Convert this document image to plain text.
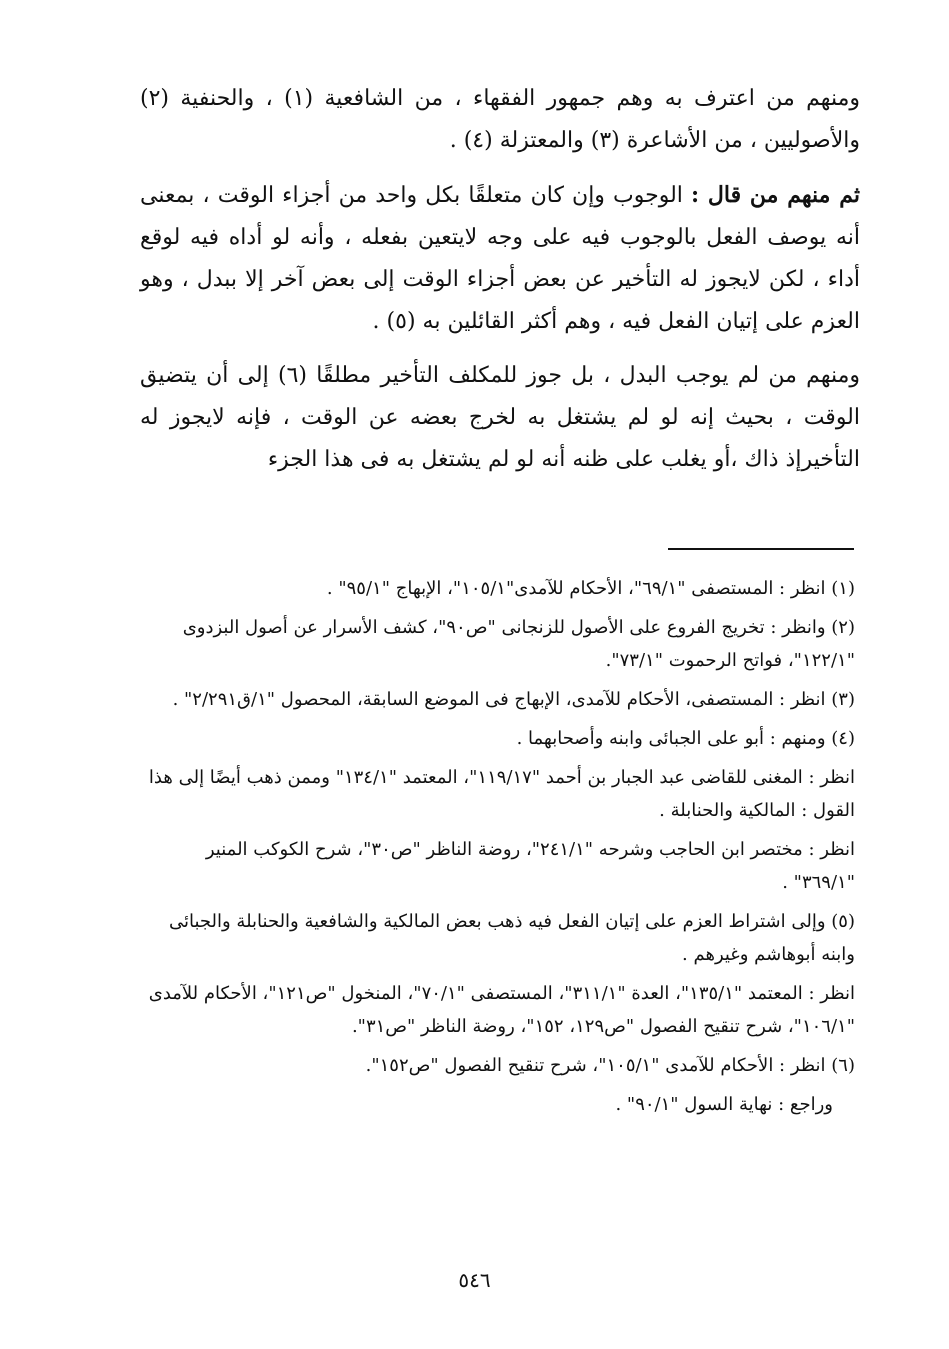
ومنهم من اعترف به وهم جمهور الفقهاء ، من الشافعية (١) ، والحنفية (٢) والأصوليين ، من الأشاعرة (٣) والمعتزلة (٤) .

ثم منهم من قال : الوجوب وإن كان متعلقًا بكل واحد من أجزاء الوقت ، بمعنى أنه يوصف الفعل بالوجوب فيه على وجه لايتعين بفعله ، وأنه لو أداه فيه لوقع أداء ، لكن لايجوز له التأخير عن بعض أجزاء الوقت إلى بعض آخر إلا ببدل ، وهو العزم على إتيان الفعل فيه ، وهم أكثر القائلين به (٥) .

ومنهم من لم يوجب البدل ، بل جوز للمكلف التأخير مطلقًا (٦) إلى أن يتضيق الوقت ، بحيث إنه لو لم يشتغل به لخرج بعضه عن الوقت ، فإنه لايجوز له التأخيرإذ ذاك ،أو يغلب على ظنه أنه لو لم يشتغل به فى هذا الجزء

(١) انظر : المستصفى "٦٩/١"، الأحكام للآمدى"١٠٥/١"، الإبهاج "٩٥/١" .

(٢) وانظر : تخريج الفروع على الأصول للزنجانى "ص٩٠"، كشف الأسرار عن أصول البزدوى "١٢٢/١"، فواتح الرحموت "٧٣/١".

(٣) انظر : المستصفى، الأحكام للآمدى، الإبهاج فى الموضع السابقة، المحصول "١/ق٢/٢٩١" .

(٤) ومنهم : أبو على الجبائى وابنه وأصحابهما .

انظر : المغنى للقاضى عبد الجبار بن أحمد "١١٩/١٧"، المعتمد "١٣٤/١" وممن ذهب أيضًا إلى هذا القول : المالكية والحنابلة .

انظر : مختصر ابن الحاجب وشرحه "٢٤١/١"، روضة الناظر "ص٣٠"، شرح الكوكب المنير "٣٦٩/١" .

(٥) وإلى اشتراط العزم على إتيان الفعل فيه ذهب بعض المالكية والشافعية والحنابلة والجبائى وابنه أبوهاشم وغيرهم .

انظر : المعتمد "١٣٥/١"، العدة "٣١١/١"، المستصفى "٧٠/١"، المنخول "ص١٢١"، الأحكام للآمدى "١٠٦/١"، شرح تنقيح الفصول "ص١٢٩، ١٥٢"، روضة الناظر "ص٣١".

(٦) انظر : الأحكام للآمدى "١٠٥/١"، شرح تنقيح الفصول "ص١٥٢".

وراجع : نهاية السول "٩٠/١" .

٥٤٦
